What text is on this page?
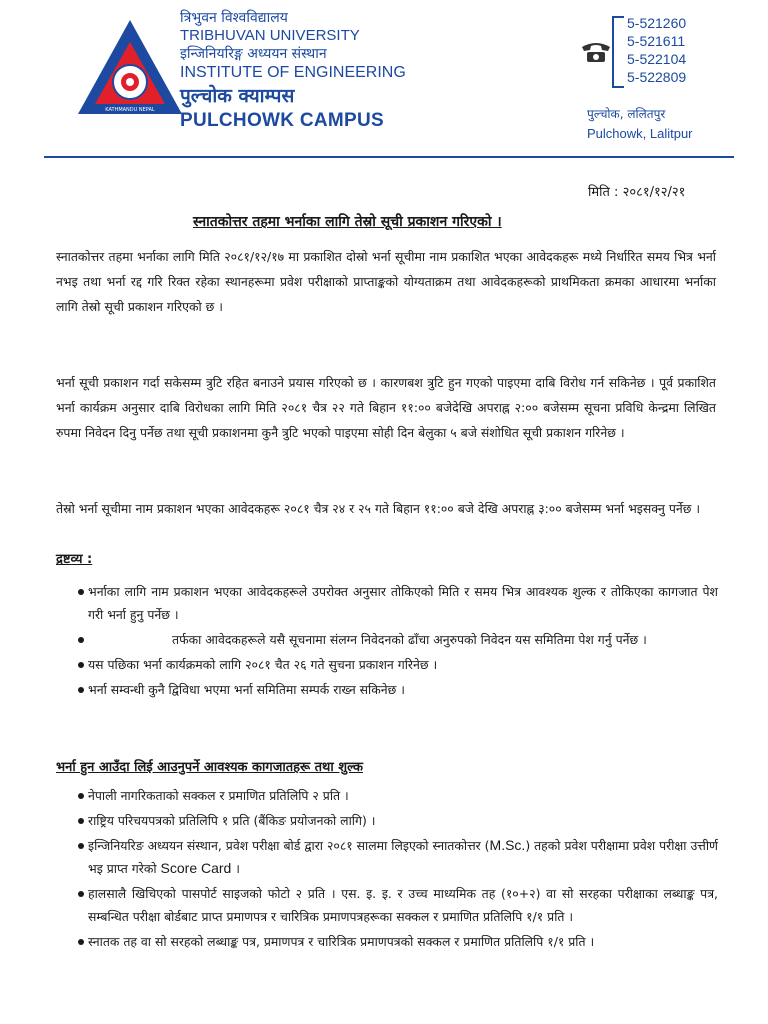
KATHMANDU NEPAL
त्रिभुवन विश्वविद्यालय
TRIBHUVAN UNIVERSITY
इन्जिनियरिङ्ग अध्ययन संस्थान
INSTITUTE OF ENGINEERING
पुल्चोक क्याम्पस
PULCHOWK CAMPUS
5-521260
5-521611
5-522104
5-522809
पुल्चोक, ललितपुर
Pulchowk, Lalitpur
मिति : २०८१/१२/२१
स्नातकोत्तर तहमा भर्नाका लागि तेस्रो सूची प्रकाशन गरिएको ।
स्नातकोत्तर तहमा भर्नाका लागि मिति २०८१/१२/१७ मा प्रकाशित दोस्रो भर्ना सूचीमा नाम प्रकाशित भएका आवेदकहरू मध्ये निर्धारित समय भित्र भर्ना नभइ तथा भर्ना रद्द गरि रिक्त रहेका स्थानहरूमा प्रवेश परीक्षाको प्राप्ताङ्कको योग्यताक्रम तथा आवेदकहरूको प्राथमिकता क्रमका आधारमा भर्नाका लागि तेस्रो सूची प्रकाशन गरिएको छ ।
भर्ना सूची प्रकाशन गर्दा सकेसम्म त्रुटि रहित बनाउने प्रयास गरिएको छ । कारणबश त्रुटि हुन गएको पाइएमा दाबि विरोध गर्न सकिनेछ । पूर्व प्रकाशित भर्ना कार्यक्रम अनुसार दाबि विरोधका लागि मिति २०८१ चैत्र २२ गते बिहान ११:०० बजेदेखि अपराह्न २:०० बजेसम्म सूचना प्रविधि केन्द्रमा लिखित रुपमा निवेदन दिनु पर्नेछ तथा सूची प्रकाशनमा कुनै त्रुटि भएको पाइएमा सोही दिन बेलुका ५ बजे संशोधित सूची प्रकाशन गरिनेछ ।
तेस्रो भर्ना सूचीमा नाम प्रकाशन भएका आवेदकहरू २०८१ चैत्र २४ र २५ गते बिहान ११:०० बजे देखि अपराह्न ३:०० बजेसम्म भर्ना भइसक्नु पर्नेछ ।
द्रष्टव्य :
भर्नाका लागि नाम प्रकाशन भएका आवेदकहरूले उपरोक्त अनुसार तोकिएको मिति र समय भित्र आवश्यक शुल्क र तोकिएका कागजात पेश गरी भर्ना हुनु पर्नेछ ।
तर्फका आवेदकहरूले यसै सूचनामा संलग्न निवेदनको ढाँचा अनुरुपको निवेदन यस समितिमा पेश गर्नु पर्नेछ ।
यस पछिका भर्ना कार्यक्रमको लागि २०८१ चैत २६ गते सुचना प्रकाशन गरिनेछ ।
भर्ना सम्वन्धी कुनै द्विविधा भएमा भर्ना समितिमा सम्पर्क राख्न सकिनेछ ।
भर्ना हुन आउँदा लिई आउनुपर्ने आवश्यक कागजातहरू तथा शुल्क
नेपाली नागरिकताको सक्कल र प्रमाणित प्रतिलिपि २ प्रति ।
राष्ट्रिय परिचयपत्रको प्रतिलिपि १ प्रति (बैंकिङ प्रयोजनको लागि) ।
इन्जिनियरिङ अध्ययन संस्थान, प्रवेश परीक्षा बोर्ड द्वारा २०८१ सालमा लिइएको स्नातकोत्तर (M.Sc.) तहको प्रवेश परीक्षामा प्रवेश परीक्षा उत्तीर्ण भइ प्राप्त गरेको Score Card ।
हालसालै खिचिएको पासपोर्ट साइजको फोटो २ प्रति । एस. इ. इ. र उच्च माध्यमिक तह (१०+२) वा सो सरहका परीक्षाका लब्धाङ्क पत्र, सम्बन्धित परीक्षा बोर्डबाट प्राप्त प्रमाणपत्र र चारित्रिक प्रमाणपत्रहरूका सक्कल र प्रमाणित प्रतिलिपि १/१ प्रति ।
स्नातक तह वा सो सरहको लब्धाङ्क पत्र, प्रमाणपत्र र चारित्रिक प्रमाणपत्रको सक्कल र प्रमाणित प्रतिलिपि १/१ प्रति ।
